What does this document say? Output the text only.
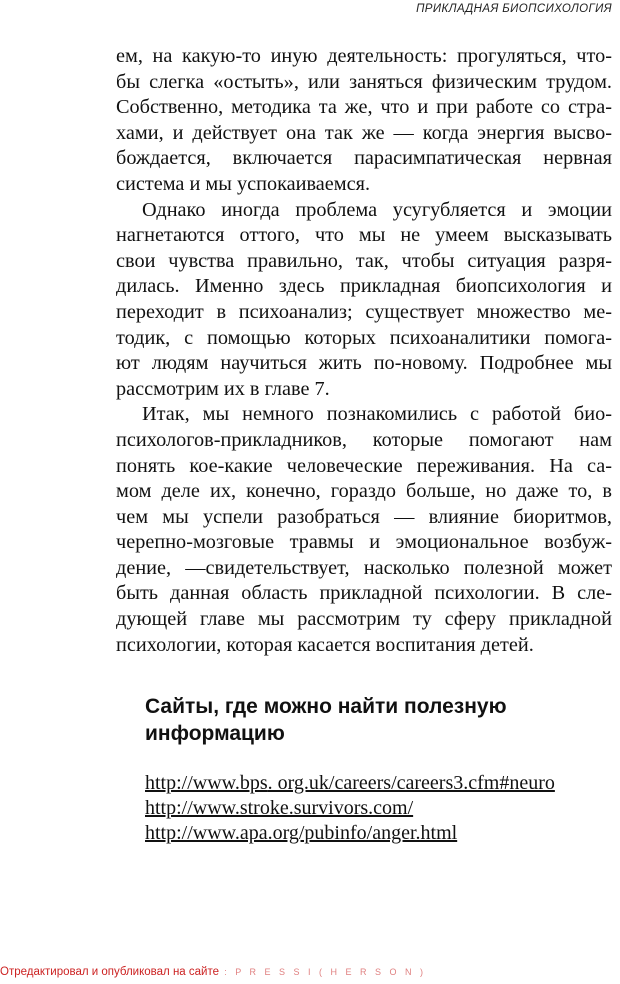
ПРИКЛАДНАЯ БИОПСИХОЛОГИЯ
ем, на какую-то иную деятельность: прогуляться, что-
бы слегка «остыть», или заняться физическим трудом.
Собственно, методика та же, что и при работе со стра-
хами, и действует она так же — когда энергия высво-
бождается, включается парасимпатическая нервная
система и мы успокаиваемся.
Однако иногда проблема усугубляется и эмоции
нагнетаются оттого, что мы не умеем высказывать
свои чувства правильно, так, чтобы ситуация разря-
дилась. Именно здесь прикладная биопсихология и
переходит в психоанализ; существует множество ме-
тодик, с помощью которых психоаналитики помога-
ют людям научиться жить по-новому. Подробнее мы
рассмотрим их в главе 7.
Итак, мы немного познакомились с работой био-
психологов-прикладников, которые помогают нам
понять кое-какие человеческие переживания. На са-
мом деле их, конечно, гораздо больше, но даже то, в
чем мы успели разобраться — влияние биоритмов,
черепно-мозговые травмы и эмоциональное возбуж-
дение, —свидетельствует, насколько полезной может
быть данная область прикладной психологии. В сле-
дующей главе мы рассмотрим ту сферу прикладной
психологии, которая касается воспитания детей.
Сайты, где можно найти полезную
информацию
http://www.bps. org.uk/careers/careers3.cfm#neuro
http://www.stroke.survivors.com/
http://www.apa.org/pubinfo/anger.html
Отредактировал и опубликовал на сайте : P R E S S I ( H E R S O N )
